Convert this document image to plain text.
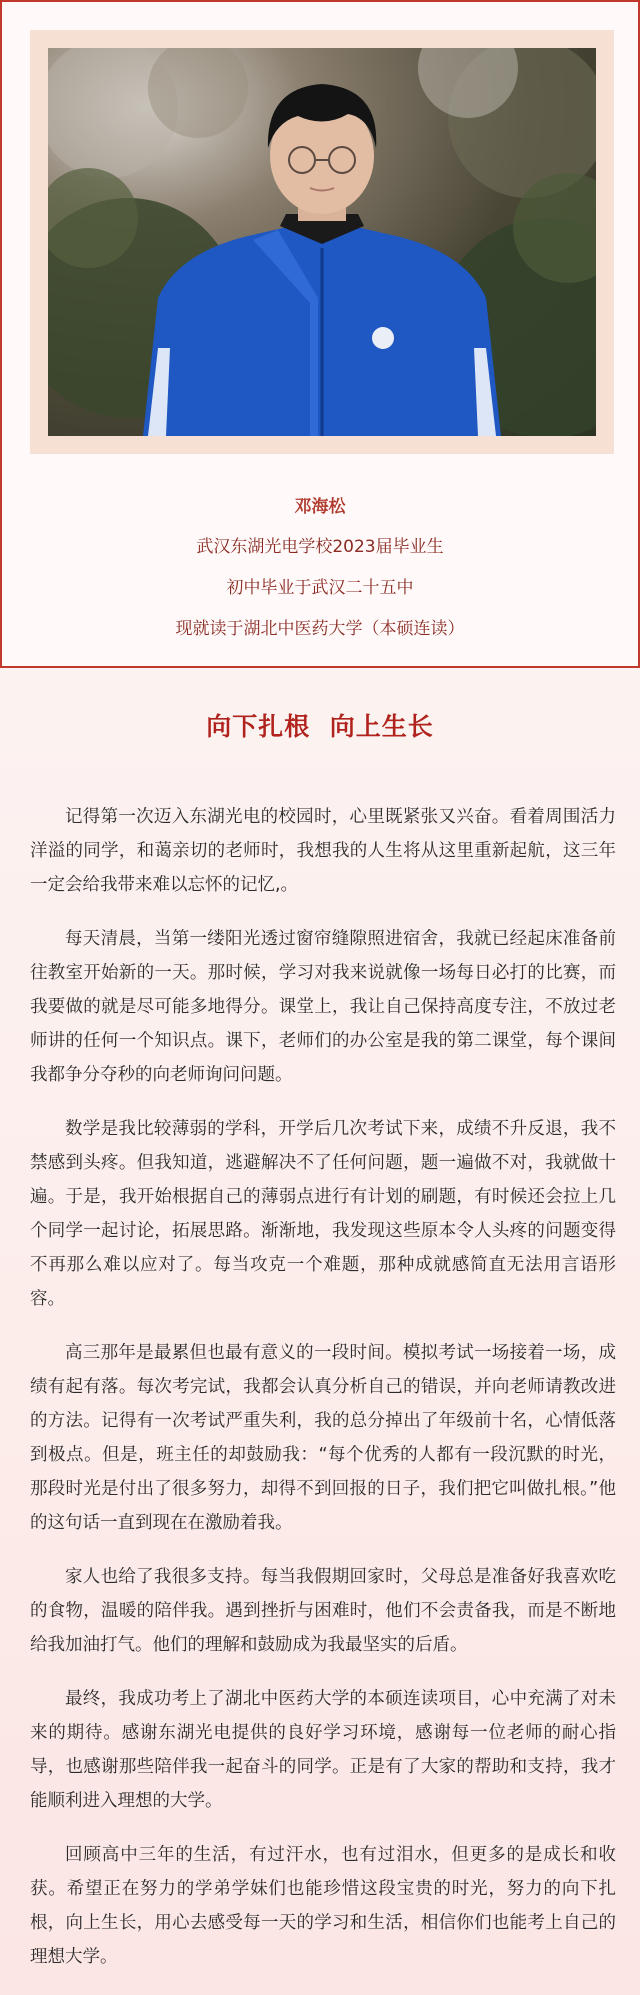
邓海松
武汉东湖光电学校2023届毕业生
初中毕业于武汉二十五中
现就读于湖北中医药大学（本硕连读）
向下扎根  向上生长

记得第一次迈入东湖光电的校园时，心里既紧张又兴奋。看着周围活力洋溢的同学，和蔼亲切的老师时，我想我的人生将从这里重新起航，这三年一定会给我带来难以忘怀的记忆,。

每天清晨，当第一缕阳光透过窗帘缝隙照进宿舍，我就已经起床准备前往教室开始新的一天。那时候，学习对我来说就像一场每日必打的比赛，而我要做的就是尽可能多地得分。课堂上，我让自己保持高度专注，不放过老师讲的任何一个知识点。课下，老师们的办公室是我的第二课堂，每个课间我都争分夺秒的向老师询问问题。

数学是我比较薄弱的学科，开学后几次考试下来，成绩不升反退，我不禁感到头疼。但我知道，逃避解决不了任何问题，题一遍做不对，我就做十遍。于是，我开始根据自己的薄弱点进行有计划的刷题，有时候还会拉上几个同学一起讨论，拓展思路。渐渐地，我发现这些原本令人头疼的问题变得不再那么难以应对了。每当攻克一个难题，那种成就感简直无法用言语形容。

高三那年是最累但也最有意义的一段时间。模拟考试一场接着一场，成绩有起有落。每次考完试，我都会认真分析自己的错误，并向老师请教改进的方法。记得有一次考试严重失利，我的总分掉出了年级前十名，心情低落到极点。但是，班主任的却鼓励我：“每个优秀的人都有一段沉默的时光，那段时光是付出了很多努力，却得不到回报的日子，我们把它叫做扎根。”他的这句话一直到现在在激励着我。

家人也给了我很多支持。每当我假期回家时，父母总是准备好我喜欢吃的食物，温暖的陪伴我。遇到挫折与困难时，他们不会责备我，而是不断地给我加油打气。他们的理解和鼓励成为我最坚实的后盾。

最终，我成功考上了湖北中医药大学的本硕连读项目，心中充满了对未来的期待。感谢东湖光电提供的良好学习环境，感谢每一位老师的耐心指导，也感谢那些陪伴我一起奋斗的同学。正是有了大家的帮助和支持，我才能顺利进入理想的大学。

回顾高中三年的生活，有过汗水，也有过泪水，但更多的是成长和收获。希望正在努力的学弟学妹们也能珍惜这段宝贵的时光，努力的向下扎根，向上生长，用心去感受每一天的学习和生活，相信你们也能考上自己的理想大学。
